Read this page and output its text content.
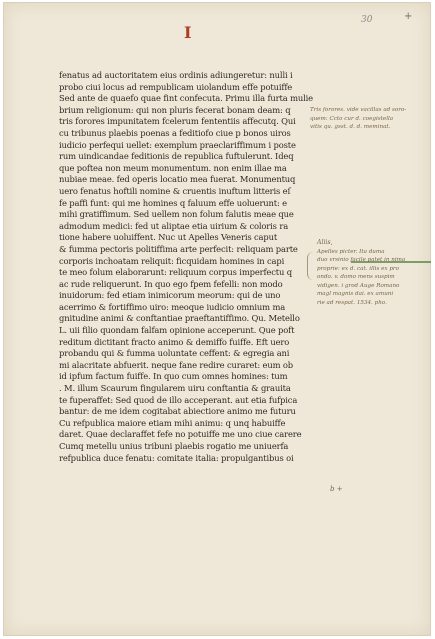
I
30	+
fenatus ad auctoritatem eius ordinis adiungeretur: nulli i
probo ciui locus ad rempublicam uiolandum effe potuiffe
Sed ante de quaefo quae fint confecuta. Primu illa furta mulie
brium religionum: qui non pluris fecerat bonam deam: q
tris forores impunitatem fcelerum fententiis affecutq. Qui
cu tribunus plaebis poenas a feditiofo ciue p bonos uiros
iudicio perfequi uellet: exemplum praeclariffimum i poste
rum uindicandae feditionis de republica fuftulerunt. Ideq
que poftea non meum monumentum. non enim illae ma
nubiae meae. fed operis locatio mea fuerat. Monumentuq
uero fenatus hoftili nomine & cruentis inuftum litteris eſ
fe paffi funt: qui me homines q faluum effe uoluerunt: e
mihi gratiffimum. Sed uellem non folum falutis meae que
admodum medici: fed ut aliptae etia uirium & coloris ra
tione habere uoluiffent. Nuc ut Apelles Veneris caput
& fumma pectoris politiffima arte perfecit: reliquam parte
corporis inchoatam reliquit: ficquidam homines in capi
te meo folum elaborarunt: reliquum corpus imperfectu q
ac rude reliquerunt. In quo ego fpem fefelli: non modo
inuidorum: fed etiam inimicorum meorum: qui de uno
acerrimo & fortiffimo uiro: meoque iudicio omnium ma
gnitudine animi & conftantiae praeftantiffimo. Qu. Metello
L. uii filio quondam falfam opinione acceperunt. Que poft
reditum dictitant fracto animo & demiffo fuiffe. Eft uero
probandu qui & fumma uoluntate ceffent: & egregia ani
mi alacritate abfuerit. neque fane redire curaret: eum ob
id ipfum factum fuiffe. In quo cum omnes homines: tum
. M. illum Scaurum fingularem uiru conftantia & grauita
te fuperaffet: Sed quod de illo acceperant. aut etia fufpica
bantur: de me idem cogitabat abiectiore animo me futuru
Cu refpublica maiore etiam mihi animu: q unq habuiffe
daret. Quae declaraffet fefe no potuiffe me uno ciue carere
Cumq metellu unius tribuni plaebis rogatio me uniuerfa
refpublica duce fenatu: comitate italia: propulgantibus oi
Tris forores. vide vacillas ad soro-
quem: Ccto cur d. coegistella
vitis qu. gsst. d. d. meminat.
Aliis,
Apelles picter. Ita duma
duo vrsinio facile patet in nima
proprie: ex d. cat. illis ex pro
ondo. v. domo mens suspim
vidigen. i grod Auge Romano
magl magnis dai. ex amuni
rie ad respat. 1534. pho.
b +
